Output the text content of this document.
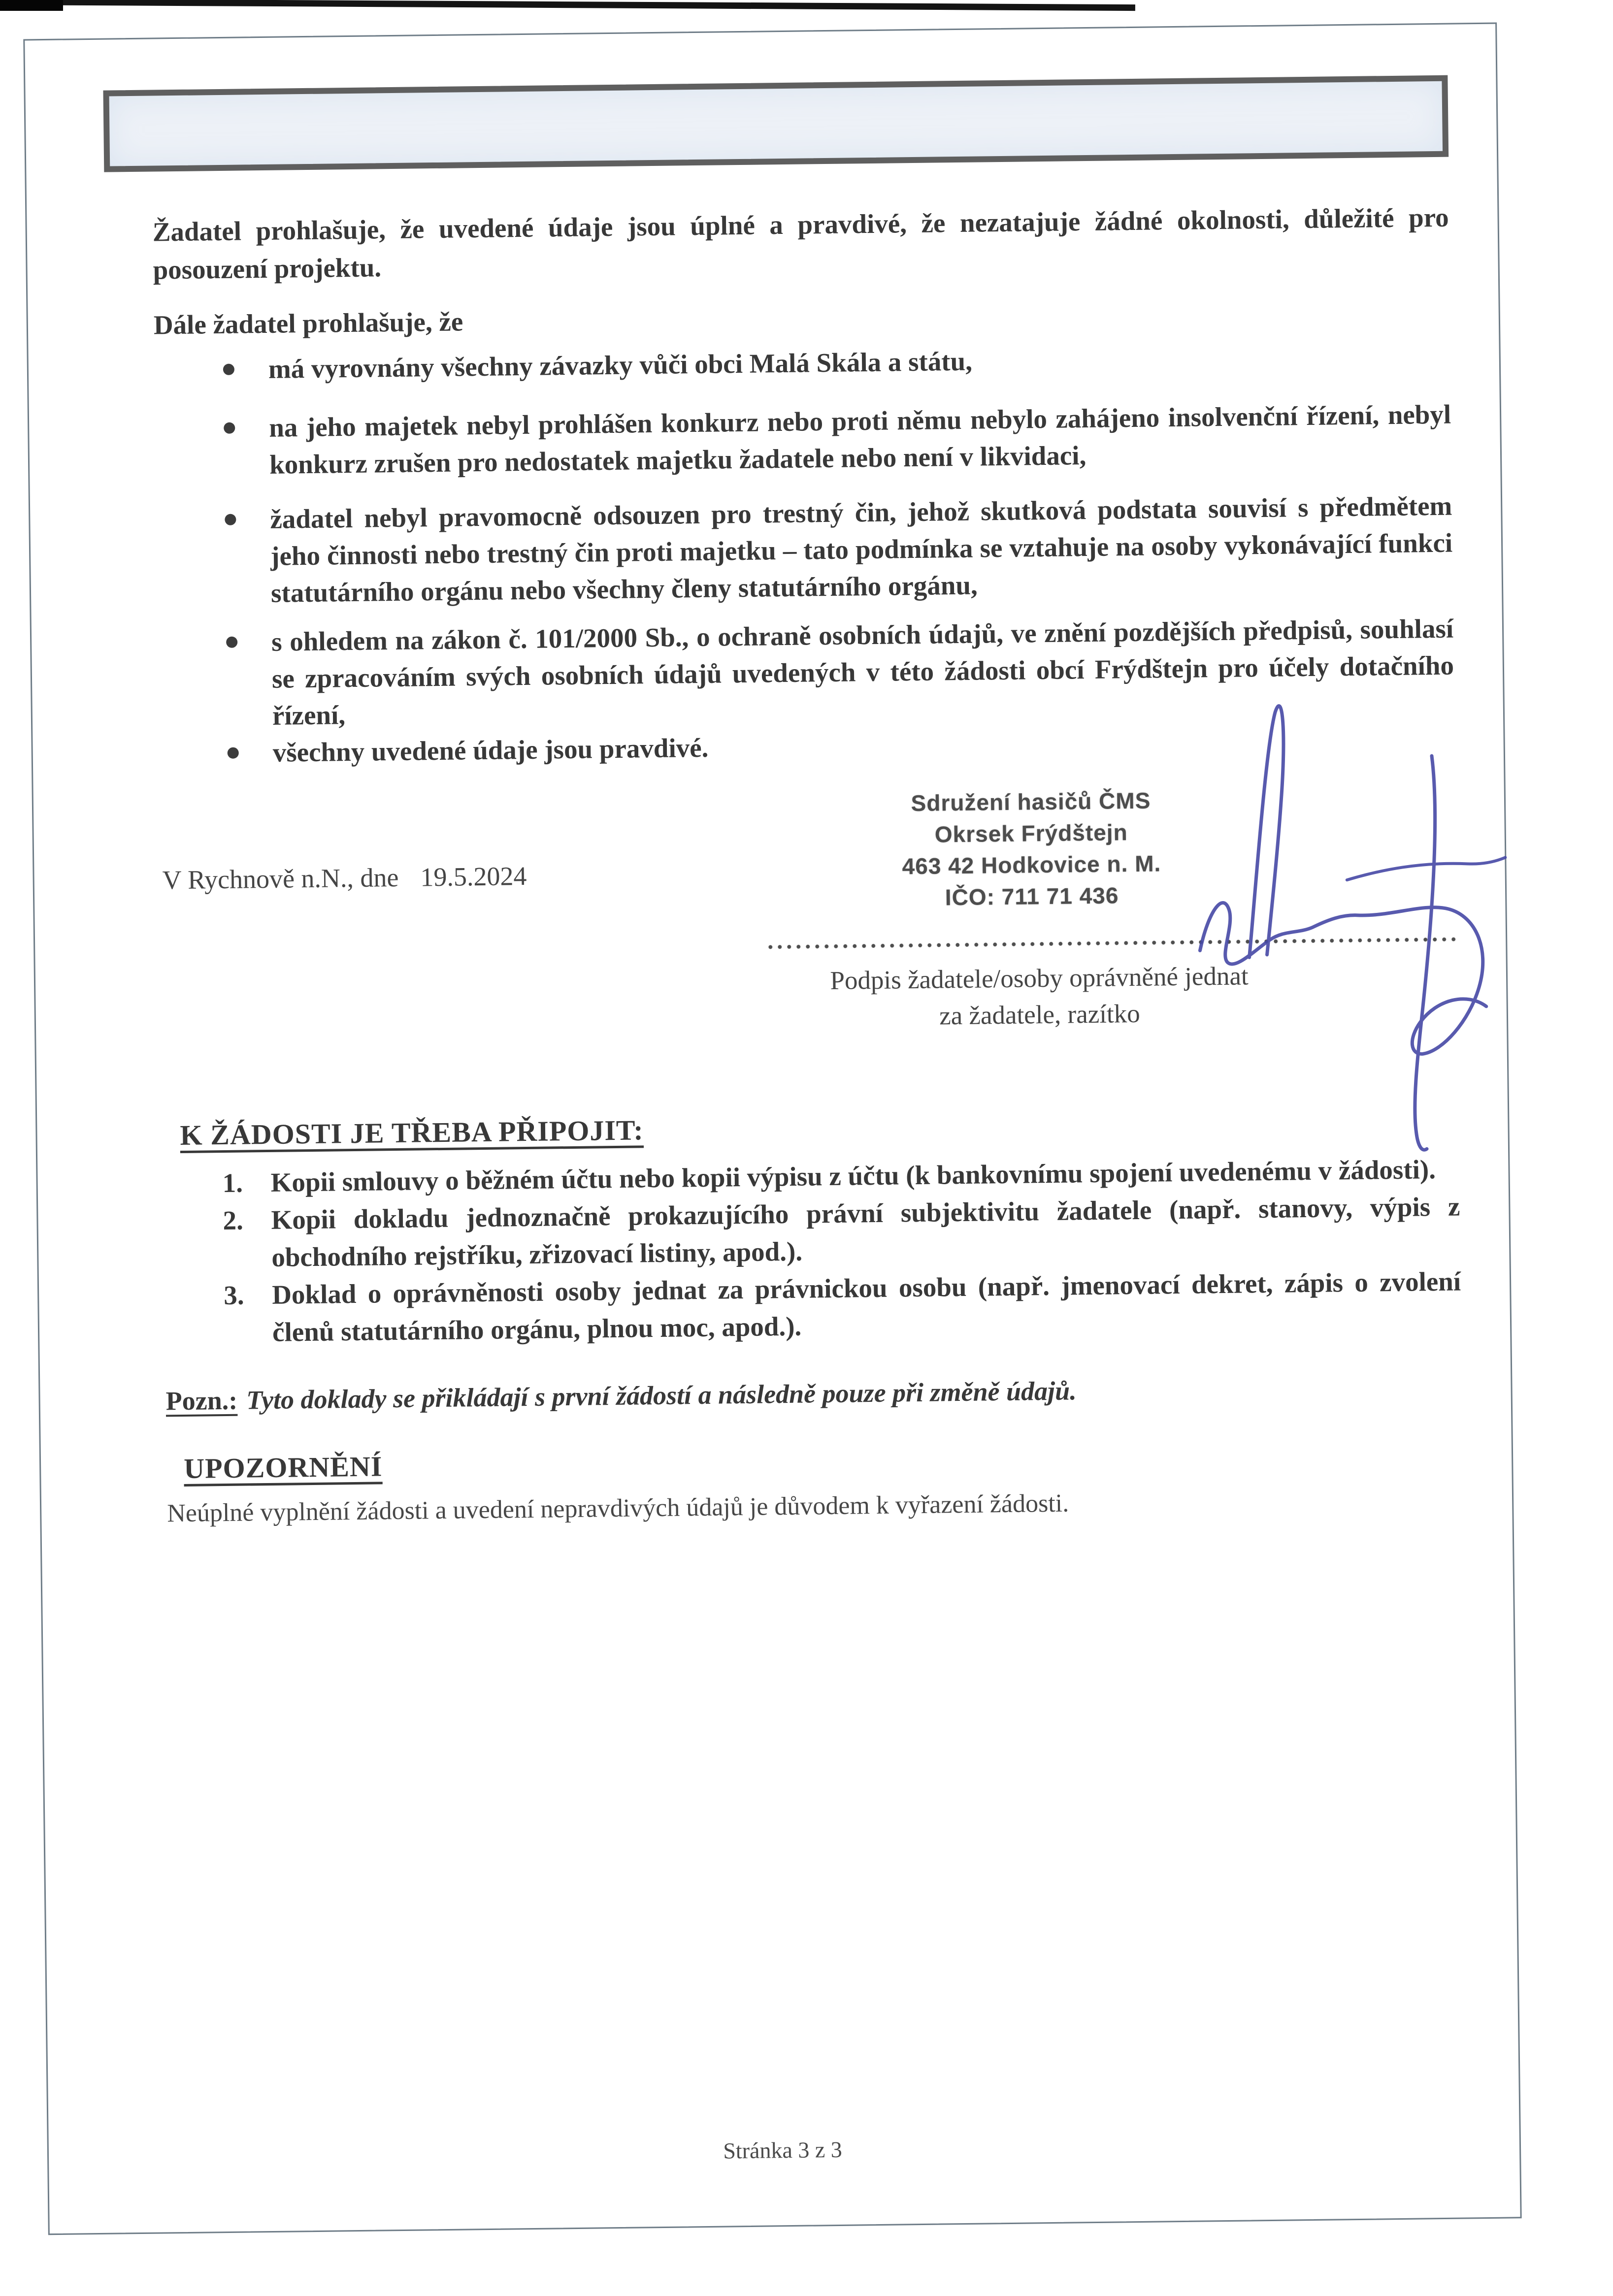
Žadatel prohlašuje, že uvedené údaje jsou úplné a pravdivé, že nezatajuje žádné okolnosti, důležité pro posouzení projektu.
Dále žadatel prohlašuje, že
má vyrovnány všechny závazky vůči obci Malá Skála a státu,
na jeho majetek nebyl prohlášen konkurz nebo proti němu nebylo zahájeno insolvenční řízení, nebyl konkurz zrušen pro nedostatek majetku žadatele nebo není v likvidaci,
žadatel nebyl pravomocně odsouzen pro trestný čin, jehož skutková podstata souvisí s předmětem jeho činnosti nebo trestný čin proti majetku – tato podmínka se vztahuje na osoby vykonávající funkci statutárního orgánu nebo všechny členy statutárního orgánu,
s ohledem na zákon č. 101/2000 Sb., o ochraně osobních údajů, ve znění pozdějších předpisů, souhlasí se zpracováním svých osobních údajů uvedených v této žádosti obcí Frýdštejn pro účely dotačního řízení,
všechny uvedené údaje jsou pravdivé.
V Rychnově n.N., dne 19.5.2024
Sdružení hasičů ČMS
Okrsek Frýdštejn
463 42 Hodkovice n. M.
IČO: 711 71 436
Podpis žadatele/osoby oprávněné jednat
za žadatele, razítko
K ŽÁDOSTI JE TŘEBA PŘIPOJIT:
1. Kopii smlouvy o běžném účtu nebo kopii výpisu z účtu (k bankovnímu spojení uvedenému v žádosti).
2. Kopii dokladu jednoznačně prokazujícího právní subjektivitu žadatele (např. stanovy, výpis z obchodního rejstříku, zřizovací listiny, apod.).
3. Doklad o oprávněnosti osoby jednat za právnickou osobu (např. jmenovací dekret, zápis o zvolení členů statutárního orgánu, plnou moc, apod.).
Pozn.: Tyto doklady se přikládají s první žádostí a následně pouze při změně údajů.
UPOZORNĚNÍ
Neúplné vyplnění žádosti a uvedení nepravdivých údajů je důvodem k vyřazení žádosti.
Stránka 3 z 3
